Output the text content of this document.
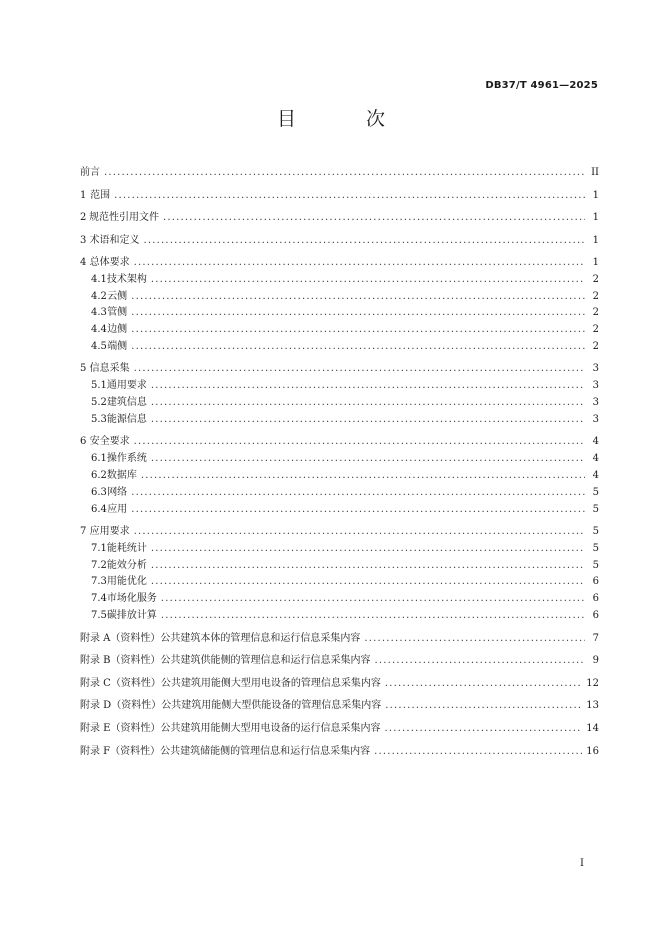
DB37/T 4961—2025
目 次
前言 .....	II
1 范围 .....	1
2 规范性引用文件 .....	1
3 术语和定义 .....	1
4 总体要求 .....	1
4.1 技术架构 .....	2
4.2 云侧 .....	2
4.3 管侧 .....	2
4.4 边侧 .....	2
4.5 端侧 .....	2
5 信息采集 .....	3
5.1 通用要求 .....	3
5.2 建筑信息 .....	3
5.3 能源信息 .....	3
6 安全要求 .....	4
6.1 操作系统 .....	4
6.2 数据库 .....	4
6.3 网络 .....	5
6.4 应用 .....	5
7 应用要求 .....	5
7.1 能耗统计 .....	5
7.2 能效分析 .....	5
7.3 用能优化 .....	6
7.4 市场化服务 .....	6
7.5 碳排放计算 .....	6
附录 A（资料性） 公共建筑本体的管理信息和运行信息采集内容 .....	7
附录 B（资料性） 公共建筑供能侧的管理信息和运行信息采集内容 .....	9
附录 C（资料性） 公共建筑用能侧大型用电设备的管理信息采集内容 .....	12
附录 D（资料性） 公共建筑用能侧大型供能设备的管理信息采集内容 .....	13
附录 E（资料性） 公共建筑用能侧大型用电设备的运行信息采集内容 .....	14
附录 F（资料性） 公共建筑储能侧的管理信息和运行信息采集内容 .....	16
I
